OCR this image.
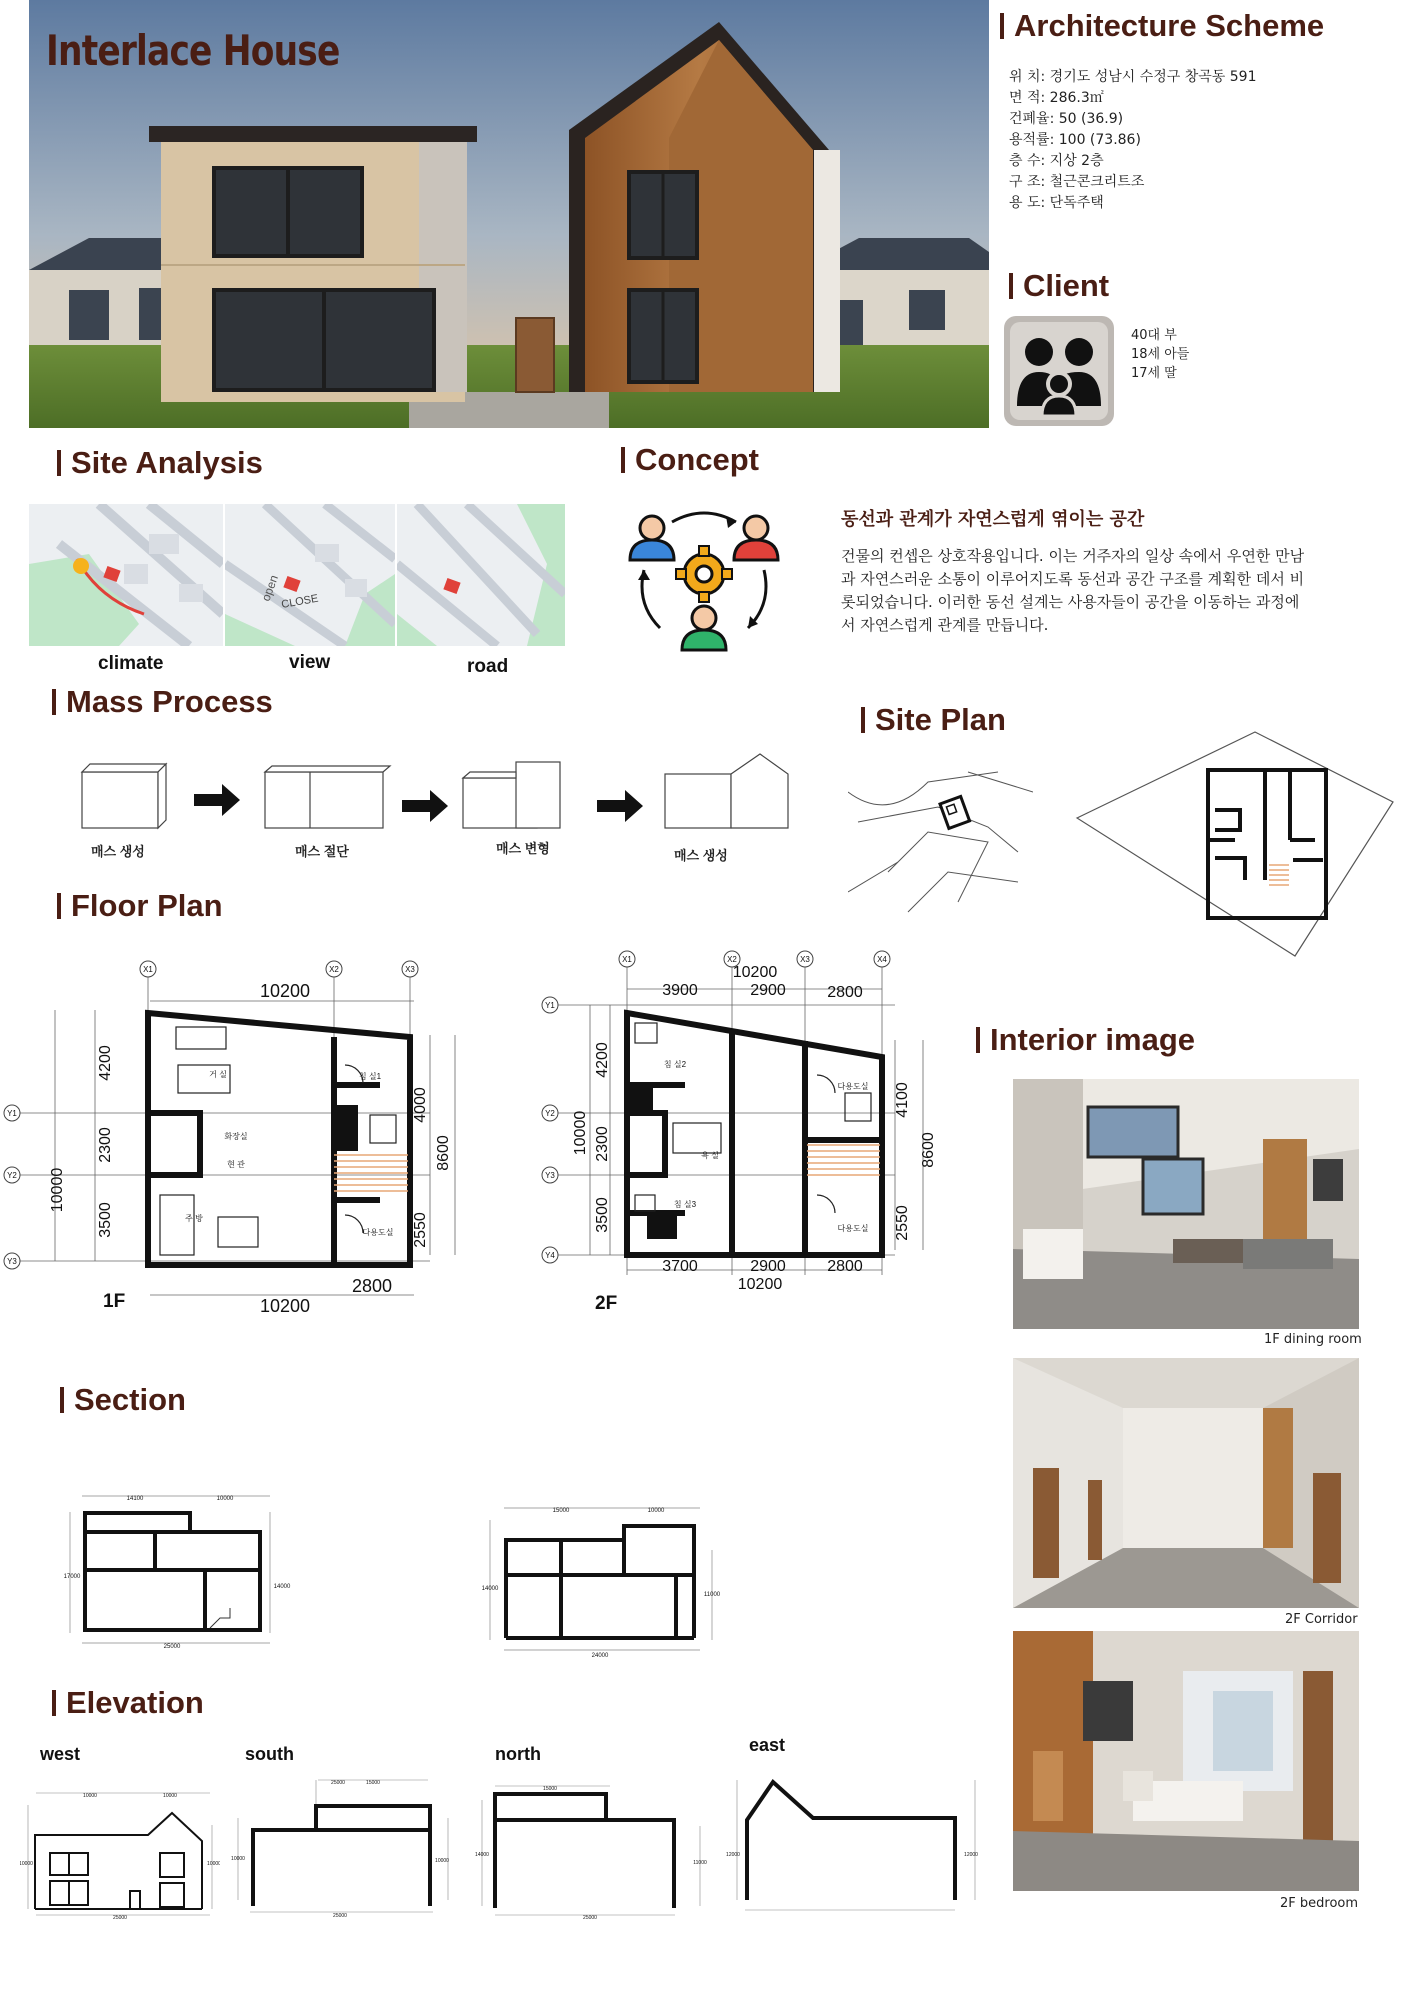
Interlace House
Architecture Scheme
위 치: 경기도 성남시 수정구 창곡동 591
면 적: 286.3㎡
건폐율: 50 (36.9)
용적률: 100 (73.86)
층 수: 지상 2층
구 조: 철근콘크리트조
용 도: 단독주택
Client
40대 부
18세 아들
17세 딸
Site Analysis
open CLOSE
climate	view	road
Concept
동선과 관계가 자연스럽게 엮이는 공간
건물의 컨셉은 상호작용입니다. 이는 거주자의 일상 속에서 우연한 만남과 자연스러운 소통이 이루어지도록 동선과 공간 구조를 계획한 데서 비롯되었습니다. 이러한 동선 설계는 사용자들이 공간을 이동하는 과정에서 자연스럽게 관계를 만듭니다.
Mass Process
매스 생성	매스 절단	매스 변형	매스 생성
Site Plan
Floor Plan
10200
10200
2800
10000
4200
2300
3500
4000
8600
2550
X1	X2	X3
Y1
Y2
Y3
거 실	침 실1
화장실
현 관
주 방
다용도실
1F
10200
3900	2900	2800
3700	2900	2800
10200
10000
4200
2300
3500
4100
8600
2550
X1	X2	X3	X4
Y1
Y2
Y3
Y4
침 실2
욕 실
침 실3
다용도실
다용도실
2F
Section
14100	10000
17000
14000
25000
15000	10000
14000
11000
24000
Elevation
west	south	north	east
10000	10000
10000	10000
25000
25000	15000
10000	10000
25000
15000
14000
11000
25000
12000	12000
Interior image
1F dining room
2F Corridor
2F bedroom
